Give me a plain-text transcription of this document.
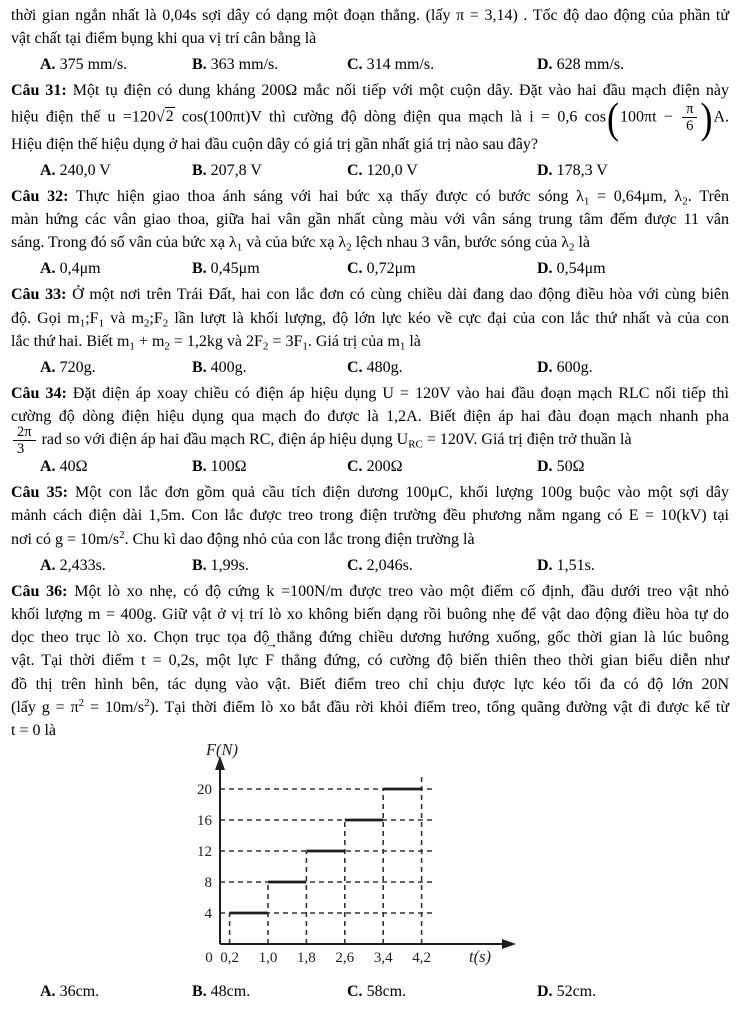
thời gian ngắn nhất là 0,04s sợi dây có dạng một đoạn thẳng. (lấy π = 3,14) . Tốc độ dao động của phần tử
vật chất tại điểm bụng khi qua vị trí cân bằng là
A. 375 mm/s.	B. 363 mm/s.	C. 314 mm/s.	D. 628 mm/s.
Câu 31: Một tụ điện có dung kháng 200Ω mắc nối tiếp với một cuộn dây. Đặt vào hai đầu mạch điện này
hiệu điện thế u =120√2 cos(100πt)V thì cường độ dòng điện qua mạch là i = 0,6 $\cos(100\pi t - \frac{\pi}{6} )A$.
Hiệu điện thế hiệu dụng ở hai đầu cuộn dây có giá trị gần nhất giá trị nào sau đây?
A. 240,0 V	B. 207,8 V	C. 120,0 V	D. 178,3 V
Câu 32: Thực hiện giao thoa ánh sáng với hai bức xạ thấy được có bước sóng $\lambda_1 = 0,64\mu m$, $\lambda_2$. Trên
màn hứng các vân giao thoa, giữa hai vân gần nhất cùng màu với vân sáng trung tâm đếm được 11 vân
sáng. Trong đó số vân của bức xạ $\lambda_1$ và của bức xạ $\lambda_2$ lệch nhau 3 vân, bước sóng của $\lambda_2$ là
A. 0,4μm	B. 0,45μm	C. 0,72μm	D. 0,54μm
Câu 33: Ở một nơi trên Trái Đất, hai con lắc đơn có cùng chiều dài đang dao động điều hòa với cùng biên
độ. Gọi $m_1;F_1$ và $m_2;F_2$ lần lượt là khối lượng, độ lớn lực kéo về cực đại của con lắc thứ nhất và của con
lắc thứ hai. Biết $m_1 + m_2 = 1,2kg$ và $2F_2 = 3F_1$. Giá trị của $m_1$ là
A. 720g.	B. 400g.	C. 480g.	D. 600g.
Câu 34: Đặt điện áp xoay chiều có điện áp hiệu dụng U = 120V vào hai đầu đoạn mạch RLC nối tiếp thì
cường độ dòng điện hiệu dụng qua mạch đo được là 1,2A. Biết điện áp hai đàu đoạn mạch nhanh pha
$\frac{2\pi}{3}$ rad so với điện áp hai đầu mạch RC, điện áp hiệu dụng $U_{RC} = 120V$. Giá trị điện trở thuần là
A. 40Ω	B. 100Ω	C. 200Ω	D. 50Ω
Câu 35: Một con lắc đơn gồm quả cầu tích điện dương 100μC, khối lượng 100g buộc vào một sợi dây
mảnh cách điện dài 1,5m. Con lắc được treo trong điện trường đều phương nằm ngang có E = 10(kV) tại
nơi có $g = 10m/s^2$. Chu kì dao động nhỏ của con lắc trong điện trường là
A. 2,433s.	B. 1,99s.	C. 2,046s.	D. 1,51s.
Câu 36: Một lò xo nhẹ, có độ cứng k =100N/m được treo vào một điểm cố định, đầu dưới treo vật nhỏ
khối lượng m = 400g. Giữ vật ở vị trí lò xo không biến dạng rồi buông nhẹ để vật dao động điều hòa tự do
dọc theo trục lò xo. Chọn trục tọa độ thẳng đứng chiều dương hướng xuống, gốc thời gian là lúc buông
vật. Tại thời điểm t = 0,2s, một lực → F thẳng đứng, có cường độ biến thiên theo thời gian biểu diễn như
đồ thị trên hình bên, tác dụng vào vật. Biết điểm treo chỉ chịu được lực kéo tối đa có độ lớn 20N
(lấy $g = \pi^2 = 10m/s^2$). Tại thời điểm lò xo bắt đầu rời khỏi điểm treo, tổng quãng đường vật đi được kể từ
t = 0 là
4
8
12
16
20
0 0,2 1,0 1,8 2,6 3,4 4,2
F(N)
t(s)
A. 36cm.	B. 48cm.	C. 58cm.	D. 52cm.
